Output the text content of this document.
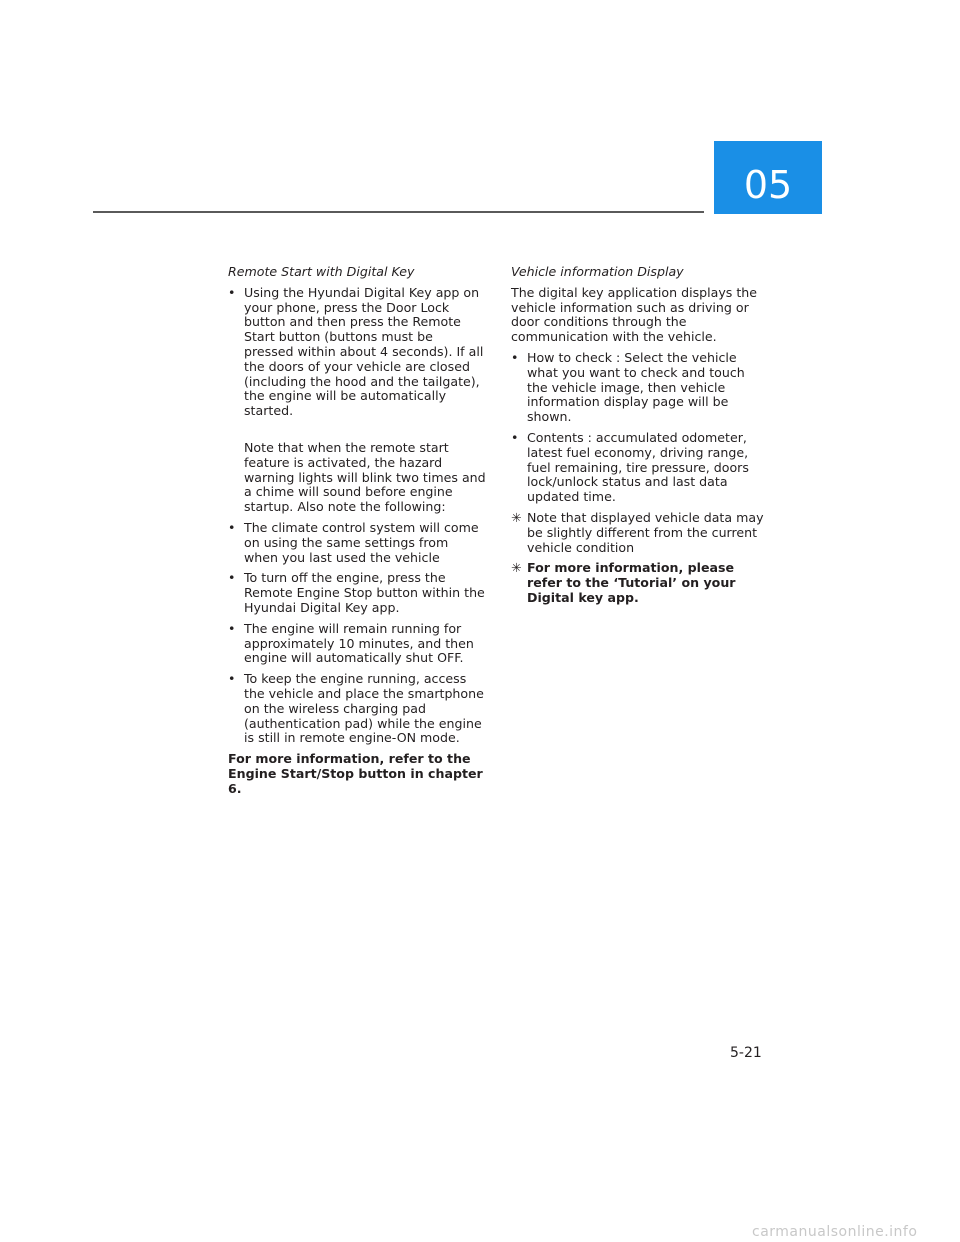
05

Remote Start with Digital Key

• Using the Hyundai Digital Key app on your phone, press the Door Lock button and then press the Remote Start button (buttons must be pressed within about 4 seconds). If all the doors of your vehicle are closed (including the hood and the tailgate), the engine will be automatically started.

Note that when the remote start feature is activated, the hazard warning lights will blink two times and a chime will sound before engine startup. Also note the following:

• The climate control system will come on using the same settings from when you last used the vehicle
• To turn off the engine, press the Remote Engine Stop button within the Hyundai Digital Key app.
• The engine will remain running for approximately 10 minutes, and then engine will automatically shut OFF.
• To keep the engine running, access the vehicle and place the smartphone on the wireless charging pad (authentication pad) while the engine is still in remote engine-ON mode.

For more information, refer to the Engine Start/Stop button in chapter 6.

Vehicle information Display

The digital key application displays the vehicle information such as driving or door conditions through the communication with the vehicle.

• How to check : Select the vehicle what you want to check and touch the vehicle image, then vehicle information display page will be shown.
• Contents : accumulated odometer, latest fuel economy, driving range, fuel remaining, tire pressure, doors lock/unlock status and last data updated time.
✳ Note that displayed vehicle data may be slightly different from the current vehicle condition
✳ For more information, please refer to the ‘Tutorial’ on your Digital key app.
5-21
carmanualsonline.info
